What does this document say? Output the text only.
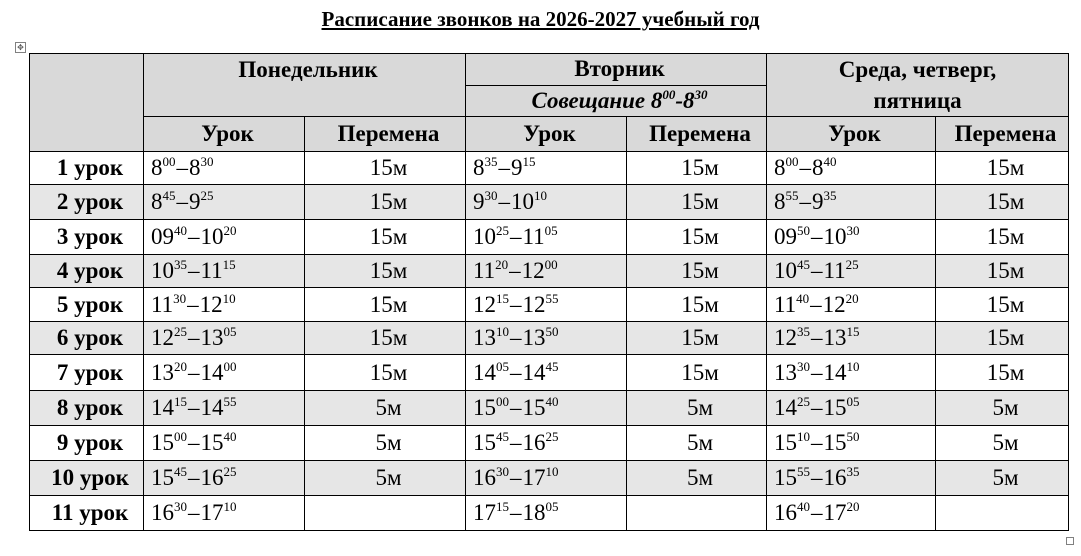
Расписание звонков на 2026-2027 учебный год
✥
	Понедельник		Вторник		Среда, четверг, пятница	
			Совещание $8^{00}-8^{30}$
	Урок	Перемена	Урок	Перемена	Урок	Перемена
1 урок	$8^{00}-8^{30}$	15м	$8^{35}-9^{15}$	15м	$8^{00}-8^{40}$	15м
2 урок	$8^{45}-9^{25}$	15м	$9^{30}-10^{10}$	15м	$8^{55}-9^{35}$	15м
3 урок	$09^{40}-10^{20}$	15м	$10^{25}-11^{05}$	15м	$09^{50}-10^{30}$	15м
4 урок	$10^{35}-11^{15}$	15м	$11^{20}-12^{00}$	15м	$10^{45}-11^{25}$	15м
5 урок	$11^{30}-12^{10}$	15м	$12^{15}-12^{55}$	15м	$11^{40}-12^{20}$	15м
6 урок	$12^{25}-13^{05}$	15м	$13^{10}-13^{50}$	15м	$12^{35}-13^{15}$	15м
7 урок	$13^{20}-14^{00}$	15м	$14^{05}-14^{45}$	15м	$13^{30}-14^{10}$	15м
8 урок	$14^{15}-14^{55}$	5м	$15^{00}-15^{40}$	5м	$14^{25}-15^{05}$	5м
9 урок	$15^{00}-15^{40}$	5м	$15^{45}-16^{25}$	5м	$15^{10}-15^{50}$	5м
10 урок	$15^{45}-16^{25}$	5м	$16^{30}-17^{10}$	5м	$15^{55}-16^{35}$	5м
11 урок	$16^{30}-17^{10}$		$17^{15}-18^{05}$		$16^{40}-17^{20}$	
